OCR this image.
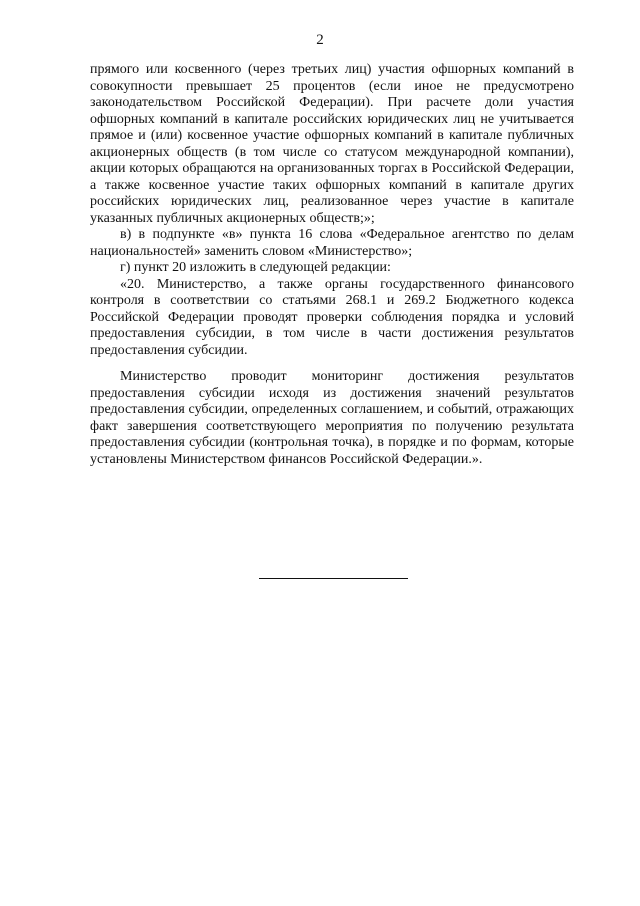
2

прямого или косвенного (через третьих лиц) участия офшорных компаний в совокупности превышает 25 процентов (если иное не предусмотрено законодательством Российской Федерации). При расчете доли участия офшорных компаний в капитале российских юридических лиц не учитывается прямое и (или) косвенное участие офшорных компаний в капитале публичных акционерных обществ (в том числе со статусом международной компании), акции которых обращаются на организованных торгах в Российской Федерации, а также косвенное участие таких офшорных компаний в капитале других российских юридических лиц, реализованное через участие в капитале указанных публичных акционерных обществ;»;

в) в подпункте «в» пункта 16 слова «Федеральное агентство по делам национальностей» заменить словом «Министерство»;

г) пункт 20 изложить в следующей редакции:

«20. Министерство, а также органы государственного финансового контроля в соответствии со статьями 268.1 и 269.2 Бюджетного кодекса Российской Федерации проводят проверки соблюдения порядка и условий предоставления субсидии, в том числе в части достижения результатов предоставления субсидии.

Министерство проводит мониторинг достижения результатов предоставления субсидии исходя из достижения значений результатов предоставления субсидии, определенных соглашением, и событий, отражающих факт завершения соответствующего мероприятия по получению результата предоставления субсидии (контрольная точка), в порядке и по формам, которые установлены Министерством финансов Российской Федерации.».
